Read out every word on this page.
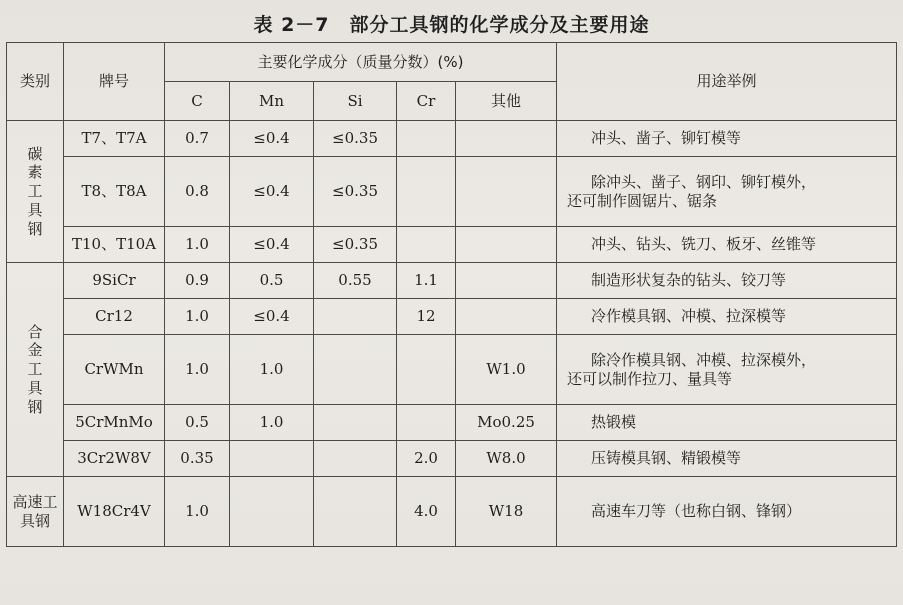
表 2－7　部分工具钢的化学成分及主要用途
类别	牌号	主要化学成分（质量分数）(%)					用途举例
		C	Mn	Si	Cr	其他	

碳
素
工
具
钢	T7、T7A	0.7	≤0.4	≤0.35			冲头、凿子、铆钉模等
	T8、T8A	0.8	≤0.4	≤0.35			除冲头、凿子、钢印、铆钉模外，
还可制作圆锯片、锯条

	T10、T10A	1.0	≤0.4	≤0.35			冲头、钻头、铣刀、板牙、丝锥等

合
金
工
具
钢	9SiCr	0.9	0.5	0.55	1.1		制造形状复杂的钻头、铰刀等
	Cr12	1.0	≤0.4		12		冷作模具钢、冲模、拉深模等
	CrWMn	1.0	1.0			W1.0	除冷作模具钢、冲模、拉深模外，
还可以制作拉刀、量具等

	5CrMnMo	0.5	1.0			Mo0.25	热锻模
	3Cr2W8V	0.35			2.0	W8.0	压铸模具钢、精锻模等

高速工
具钢	W18Cr4V	1.0			4.0	W18	高速车刀等（也称白钢、锋钢）
